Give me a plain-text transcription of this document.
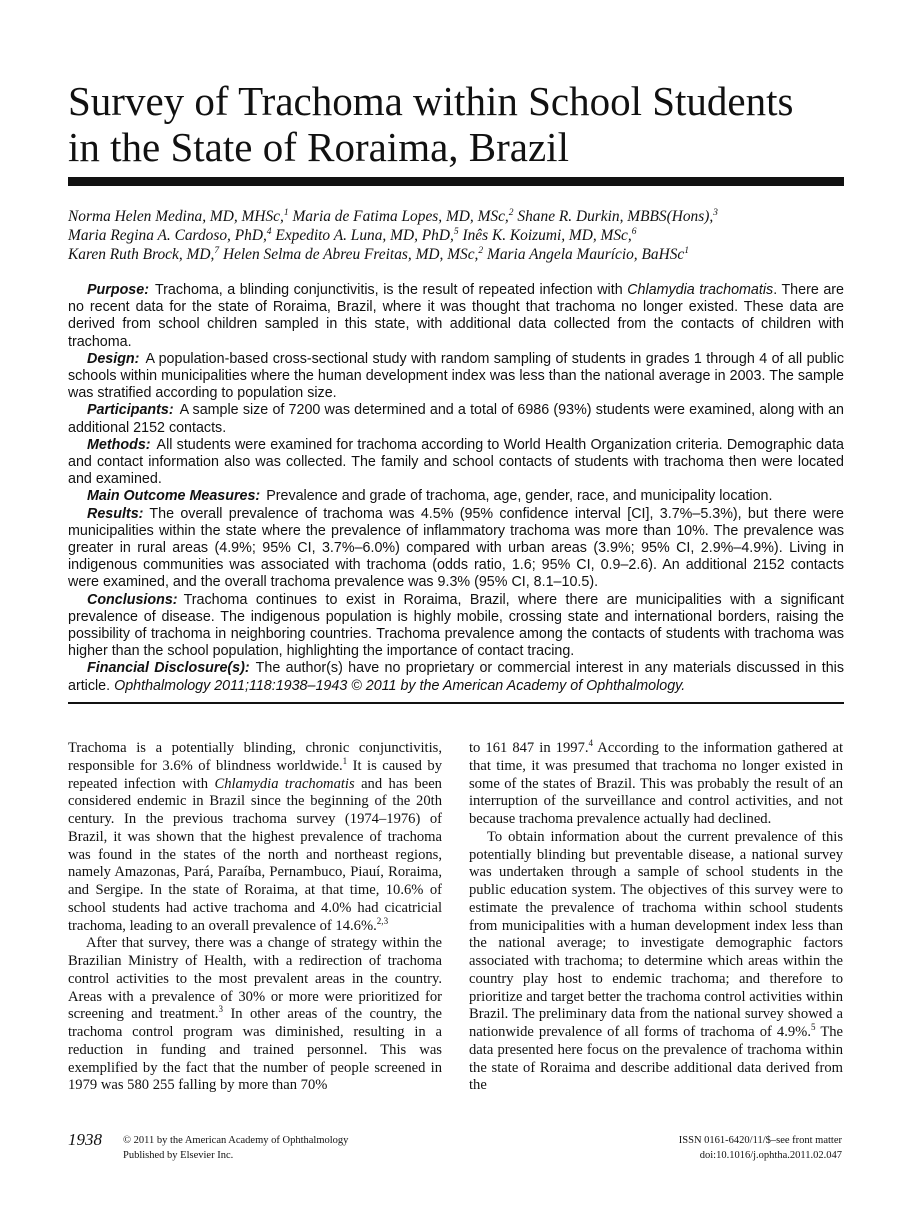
Survey of Trachoma within School Students
in the State of Roraima, Brazil
Norma Helen Medina, MD, MHSc,$^1$ Maria de Fatima Lopes, MD, MSc,$^2$ Shane R. Durkin, MBBS(Hons),$^3$
Maria Regina A. Cardoso, PhD,$^4$ Expedito A. Luna, MD, PhD,$^5$ Inês K. Koizumi, MD, MSc,$^6$
Karen Ruth Brock, MD,$^7$ Helen Selma de Abreu Freitas, MD, MSc,$^2$ Maria Angela Maurício, BaHSc$^1$

Purpose: Trachoma, a blinding conjunctivitis, is the result of repeated infection with Chlamydia trachomatis. There are no recent data for the state of Roraima, Brazil, where it was thought that trachoma no longer existed. These data are derived from school children sampled in this state, with additional data collected from the contacts of children with trachoma.

Design: A population-based cross-sectional study with random sampling of students in grades 1 through 4 of all public schools within municipalities where the human development index was less than the national average in 2003. The sample was stratified according to population size.

Participants: A sample size of 7200 was determined and a total of 6986 (93%) students were examined, along with an additional 2152 contacts.

Methods: All students were examined for trachoma according to World Health Organization criteria. Demographic data and contact information also was collected. The family and school contacts of students with trachoma then were located and examined.

Main Outcome Measures: Prevalence and grade of trachoma, age, gender, race, and municipality location.

Results: The overall prevalence of trachoma was 4.5% (95% confidence interval [CI], 3.7%–5.3%), but there were municipalities within the state where the prevalence of inflammatory trachoma was more than 10%. The prevalence was greater in rural areas (4.9%; 95% CI, 3.7%–6.0%) compared with urban areas (3.9%; 95% CI, 2.9%–4.9%). Living in indigenous communities was associated with trachoma (odds ratio, 1.6; 95% CI, 0.9–2.6). An additional 2152 contacts were examined, and the overall trachoma prevalence was 9.3% (95% CI, 8.1–10.5).

Conclusions: Trachoma continues to exist in Roraima, Brazil, where there are municipalities with a significant prevalence of disease. The indigenous population is highly mobile, crossing state and international borders, raising the possibility of trachoma in neighboring countries. Trachoma prevalence among the contacts of students with trachoma was higher than the school population, highlighting the importance of contact tracing.

Financial Disclosure(s): The author(s) have no proprietary or commercial interest in any materials discussed in this article. Ophthalmology 2011;118:1938–1943 © 2011 by the American Academy of Ophthalmology.

Trachoma is a potentially blinding, chronic conjunctivitis, responsible for 3.6% of blindness worldwide.$^1$ It is caused by repeated infection with Chlamydia trachomatis and has been considered endemic in Brazil since the beginning of the 20th century. In the previous trachoma survey (1974–1976) of Brazil, it was shown that the highest prevalence of trachoma was found in the states of the north and northeast regions, namely Amazonas, Pará, Paraíba, Pernambuco, Piauí, Roraima, and Sergipe. In the state of Roraima, at that time, 10.6% of school students had active trachoma and 4.0% had cicatricial trachoma, leading to an overall prevalence of 14.6%.$^{2,3}$

After that survey, there was a change of strategy within the Brazilian Ministry of Health, with a redirection of trachoma control activities to the most prevalent areas in the country. Areas with a prevalence of 30% or more were prioritized for screening and treatment.$^3$ In other areas of the country, the trachoma control program was diminished, resulting in a reduction in funding and trained personnel. This was exemplified by the fact that the number of people screened in 1979 was 580 255 falling by more than 70%

to 161 847 in 1997.$^4$ According to the information gathered at that time, it was presumed that trachoma no longer existed in some of the states of Brazil. This was probably the result of an interruption of the surveillance and control activities, and not because trachoma prevalence actually had declined.

To obtain information about the current prevalence of this potentially blinding but preventable disease, a national survey was undertaken through a sample of school students in the public education system. The objectives of this survey were to estimate the prevalence of trachoma within school students from municipalities with a human development index less than the national average; to investigate demographic factors associated with trachoma; to determine which areas within the country play host to endemic trachoma; and therefore to prioritize and target better the trachoma control activities within Brazil. The preliminary data from the national survey showed a nationwide prevalence of all forms of trachoma of 4.9%.$^5$ The data presented here focus on the prevalence of trachoma within the state of Roraima and describe additional data derived from the

1938 © 2011 by the American Academy of Ophthalmology
Published by Elsevier Inc.
ISSN 0161-6420/11/$–see front matter
doi:10.1016/j.ophtha.2011.02.047
